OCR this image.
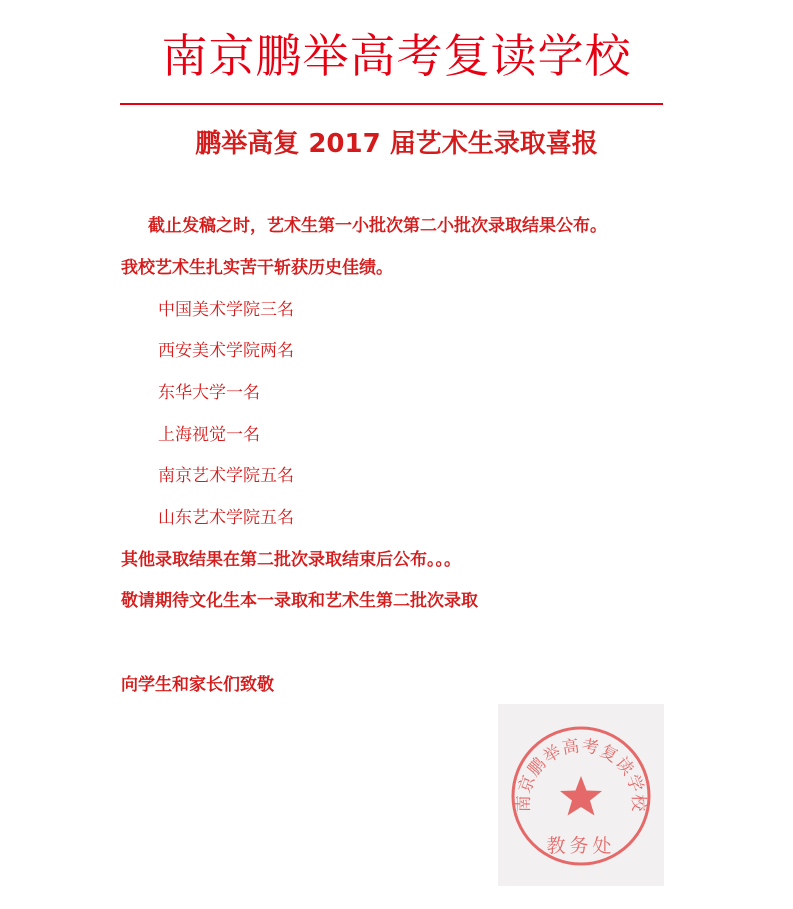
南京鹏举高考复读学校
鹏举高复 2017 届艺术生录取喜报
截止发稿之时，艺术生第一小批次第二小批次录取结果公布。
我校艺术生扎实苦干斩获历史佳绩。
中国美术学院三名
西安美术学院两名
东华大学一名
上海视觉一名
南京艺术学院五名
山东艺术学院五名
其他录取结果在第二批次录取结束后公布。。。
敬请期待文化生本一录取和艺术生第二批次录取
向学生和家长们致敬
南京鹏举高考复读学校
教务处
